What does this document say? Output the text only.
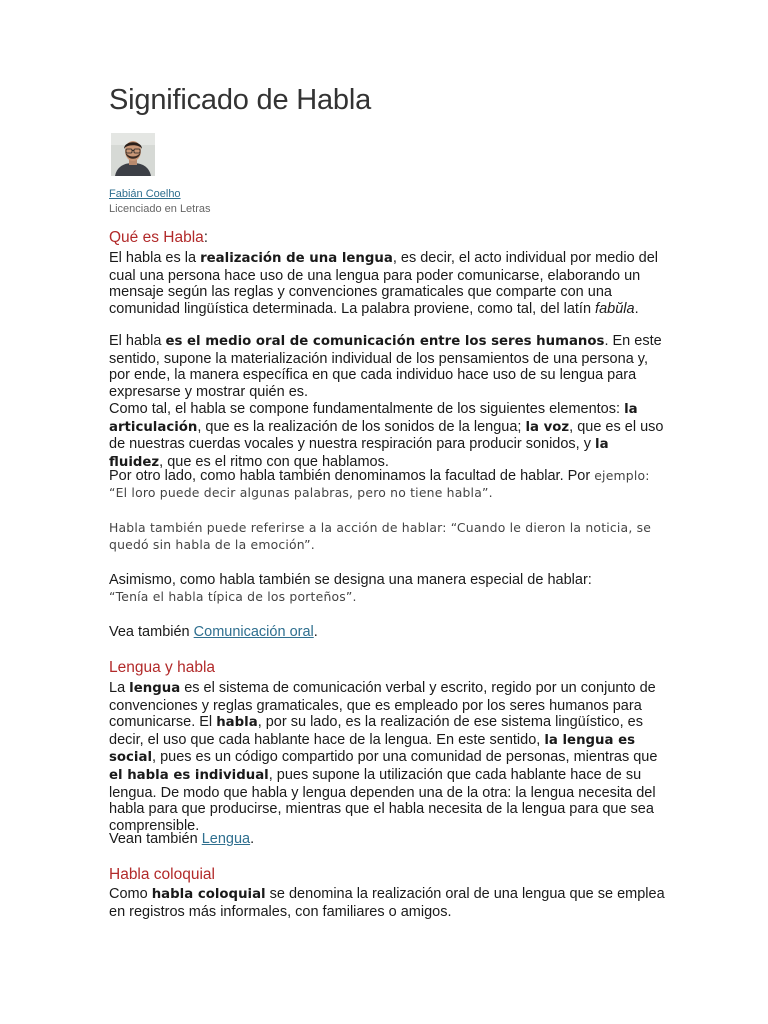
Significado de Habla
Fabián Coelho
Licenciado en Letras
Qué es Habla:

El habla es la realización de una lengua, es decir, el acto individual por medio del cual una persona hace uso de una lengua para poder comunicarse, elaborando un mensaje según las reglas y convenciones gramaticales que comparte con una comunidad lingüística determinada. La palabra proviene, como tal, del latín fabŭla.

El habla es el medio oral de comunicación entre los seres humanos. En este sentido, supone la materialización individual de los pensamientos de una persona y, por ende, la manera específica en que cada individuo hace uso de su lengua para expresarse y mostrar quién es.

Como tal, el habla se compone fundamentalmente de los siguientes elementos: la articulación, que es la realización de los sonidos de la lengua; la voz, que es el uso de nuestras cuerdas vocales y nuestra respiración para producir sonidos, y la fluidez, que es el ritmo con que hablamos.

Por otro lado, como habla también denominamos la facultad de hablar. Por ejemplo: “El loro puede decir algunas palabras, pero no tiene habla”.

Habla también puede referirse a la acción de hablar: “Cuando le dieron la noticia, se quedó sin habla de la emoción”.

Asimismo, como habla también se designa una manera especial de hablar:
“Tenía el habla típica de los porteños”.

Vea también Comunicación oral.

Lengua y habla

La lengua es el sistema de comunicación verbal y escrito, regido por un conjunto de convenciones y reglas gramaticales, que es empleado por los seres humanos para comunicarse. El habla, por su lado, es la realización de ese sistema lingüístico, es decir, el uso que cada hablante hace de la lengua. En este sentido, la lengua es social, pues es un código compartido por una comunidad de personas, mientras que el habla es individual, pues supone la utilización que cada hablante hace de su lengua. De modo que habla y lengua dependen una de la otra: la lengua necesita del habla para que producirse, mientras que el habla necesita de la lengua para que sea comprensible.

Vean también Lengua.

Habla coloquial

Como habla coloquial se denomina la realización oral de una lengua que se emplea en registros más informales, con familiares o amigos.
